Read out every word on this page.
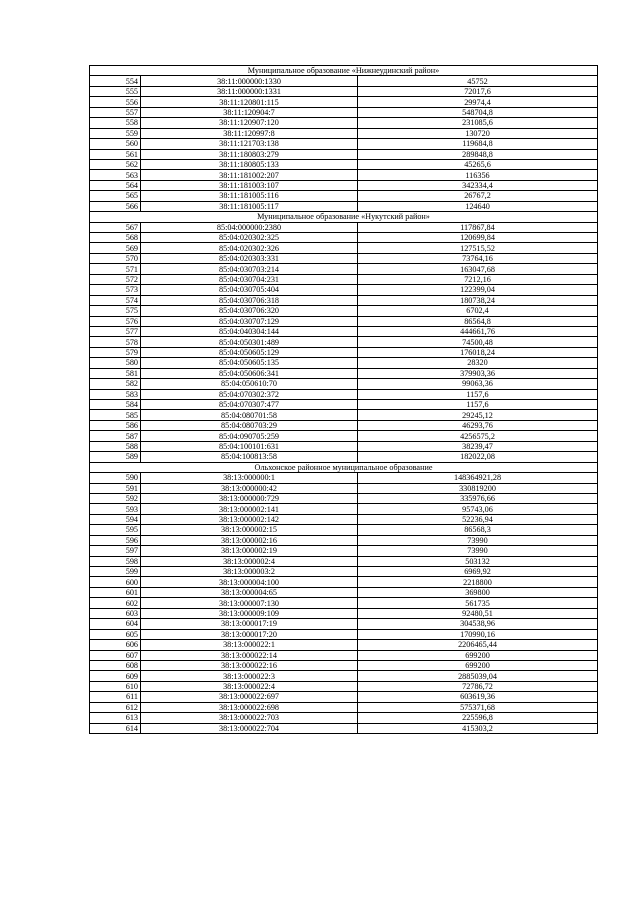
Муниципальное образование «Нижнеудинский район»		
554	38:11:000000:1330	45752
555	38:11:000000:1331	72017,6
556	38:11:120801:115	29974,4
557	38:11:120904:7	548704,8
558	38:11:120907:120	231085,6
559	38:11:120997:8	130720
560	38:11:121703:138	119684,8
561	38:11:180803:279	289848,8
562	38:11:180805:133	45265,6
563	38:11:181002:207	116356
564	38:11:181003:107	342334,4
565	38:11:181005:116	26767,2
566	38:11:181005:117	124640
Муниципальное образование «Нукутский район»		
567	85:04:000000:2380	117867,84
568	85:04:020302:325	120699,84
569	85:04:020302:326	127515,52
570	85:04:020303:331	73764,16
571	85:04:030703:214	163047,68
572	85:04:030704:231	7212,16
573	85:04:030705:404	122399,04
574	85:04:030706:318	180738,24
575	85:04:030706:320	6702,4
576	85:04:030707:129	86564,8
577	85:04:040304:144	444661,76
578	85:04:050301:489	74500,48
579	85:04:050605:129	176018,24
580	85:04:050605:135	28320
581	85:04:050606:341	379903,36
582	85:04:050610:70	99063,36
583	85:04:070302:372	1157,6
584	85:04:070307:477	1157,6
585	85:04:080701:58	29245,12
586	85:04:080703:29	46293,76
587	85:04:090705:259	4256575,2
588	85:04:100101:631	38239,47
589	85:04:100813:58	182022,08
Ольхонское районное муниципальное образование		
590	38:13:000000:1	148364921,28
591	38:13:000000:42	330819200
592	38:13:000000:729	335976,66
593	38:13:000002:141	95743,06
594	38:13:000002:142	52236,94
595	38:13:000002:15	86568,3
596	38:13:000002:16	73990
597	38:13:000002:19	73990
598	38:13:000002:4	503132
599	38:13:000003:2	6969,92
600	38:13:000004:100	2218800
601	38:13:000004:65	369800
602	38:13:000007:130	561735
603	38:13:000009:109	92480,51
604	38:13:000017:19	304538,96
605	38:13:000017:20	170990,16
606	38:13:000022:1	2206465,44
607	38:13:000022:14	699200
608	38:13:000022:16	699200
609	38:13:000022:3	2885039,04
610	38:13:000022:4	72786,72
611	38:13:000022:697	603619,36
612	38:13:000022:698	575371,68
613	38:13:000022:703	225596,8
614	38:13:000022:704	415303,2
